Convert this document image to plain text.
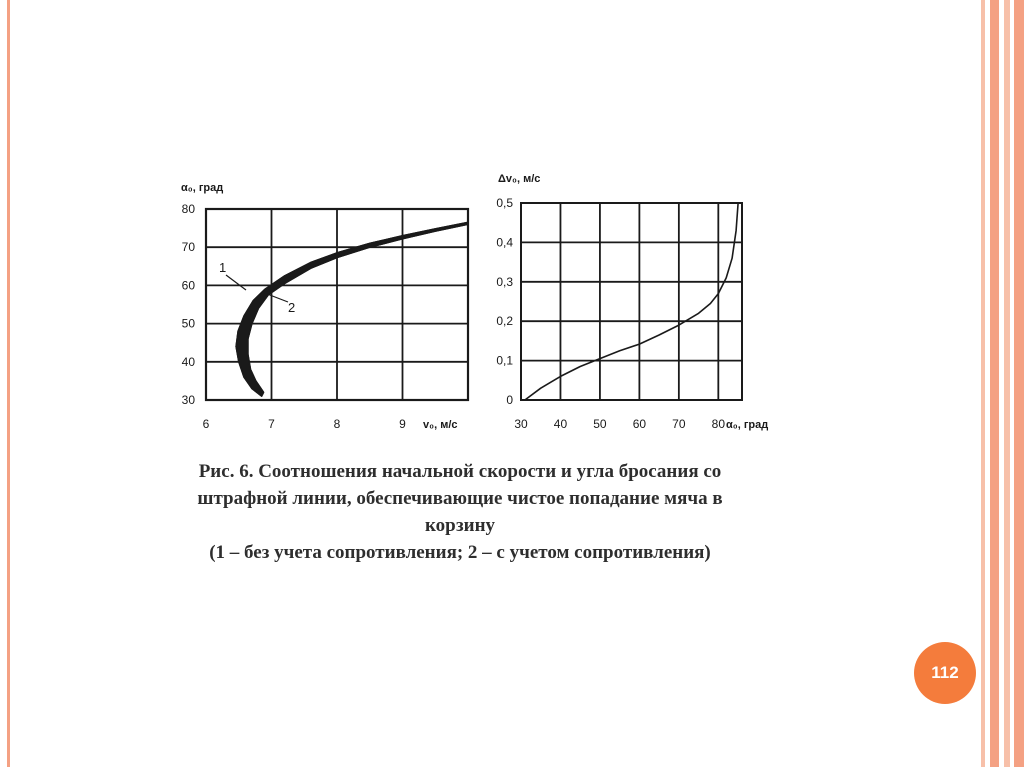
30
40
50
60
70
80
6	7	8	9
α₀, град
v₀, м/с
1
2
0
0,1
0,2
0,3
0,4
0,5
30 40 50 60 70 80
Δv₀, м/с
α₀, град
Рис. 6. Соотношения начальной скорости и угла бросания со
штрафной линии, обеспечивающие чистое попадание мяча в
корзину
(1 – без учета сопротивления; 2 – с учетом сопротивления)
112
